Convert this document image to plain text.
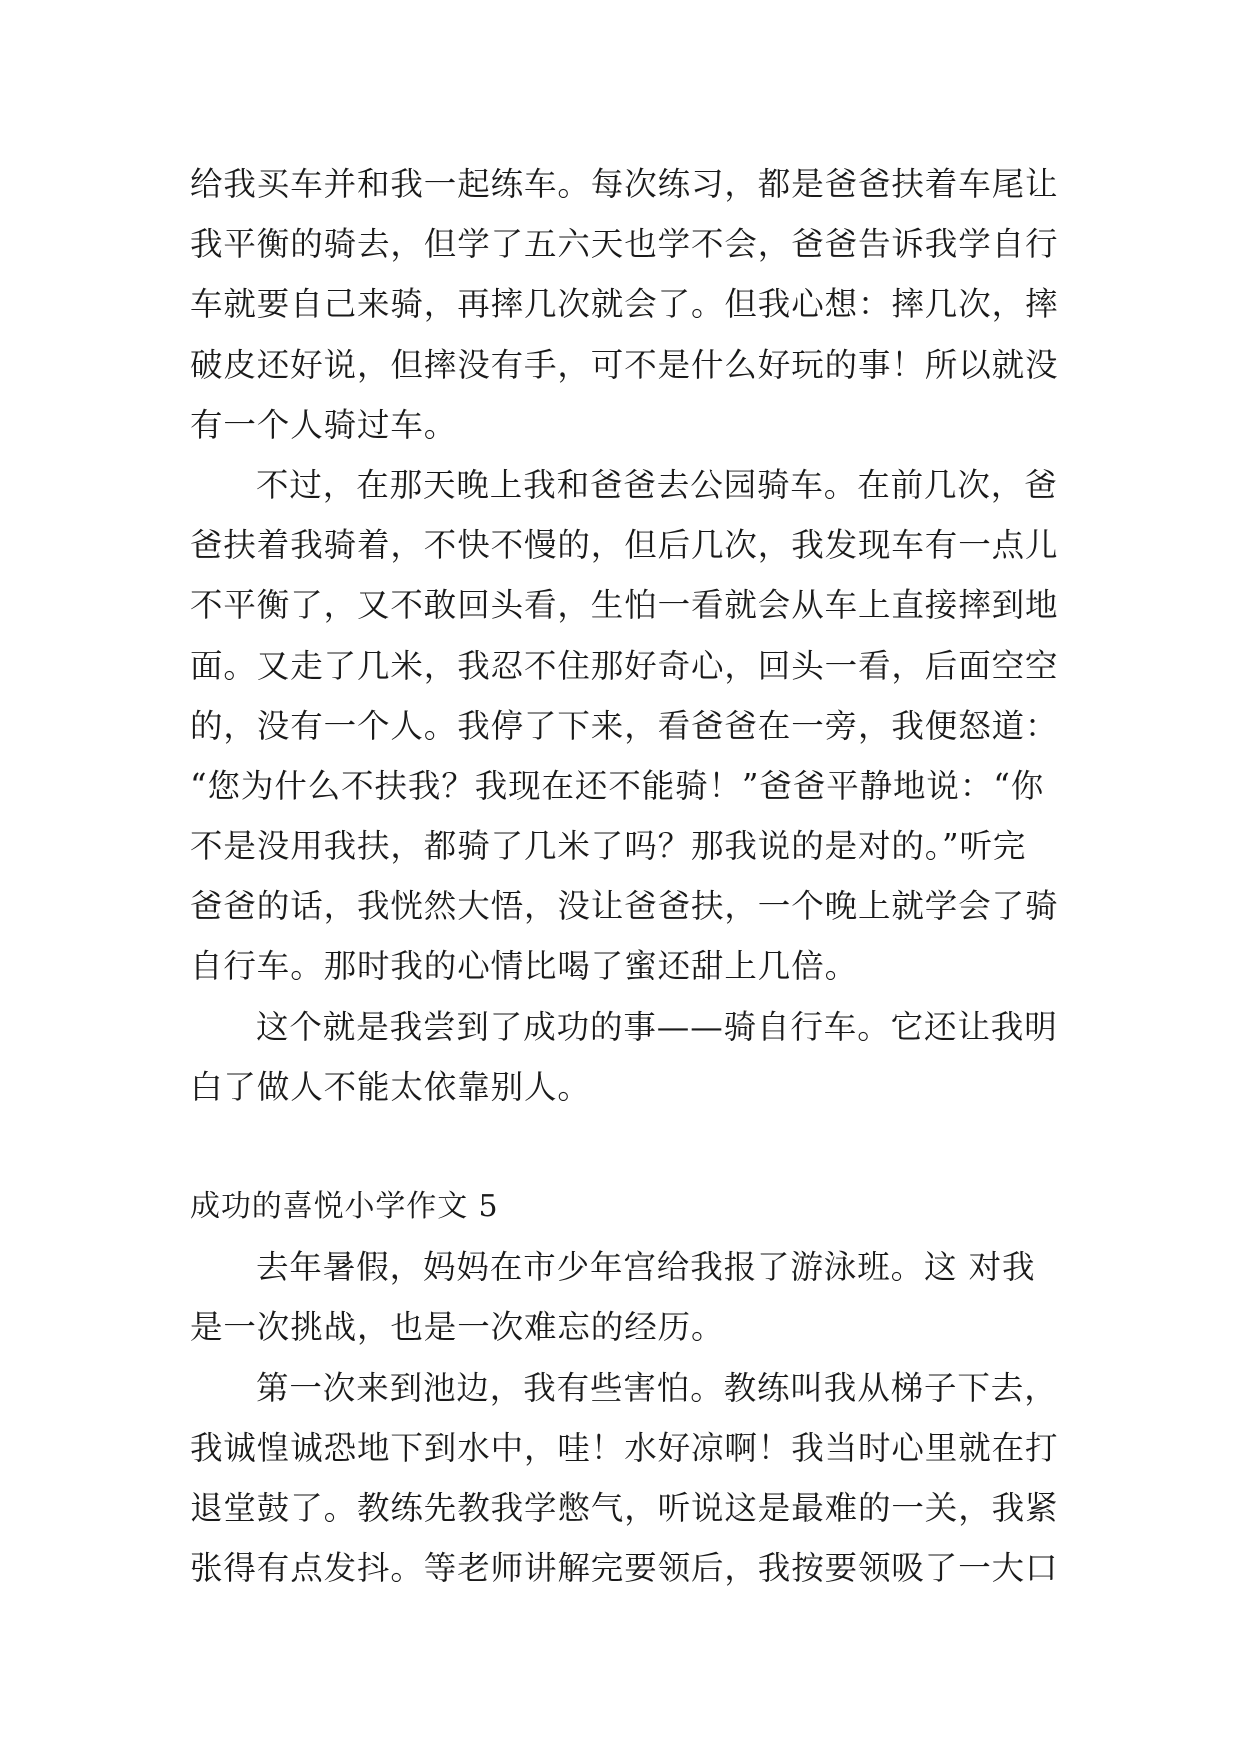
给我买车并和我一起练车。每次练习，都是爸爸扶着车尾让
我平衡的骑去，但学了五六天也学不会，爸爸告诉我学自行
车就要自己来骑，再摔几次就会了。但我心想：摔几次，摔
破皮还好说，但摔没有手，可不是什么好玩的事！所以就没
有一个人骑过车。
不过，在那天晚上我和爸爸去公园骑车。在前几次，爸
爸扶着我骑着，不快不慢的，但后几次，我发现车有一点儿
不平衡了，又不敢回头看，生怕一看就会从车上直接摔到地
面。又走了几米，我忍不住那好奇心，回头一看，后面空空
的，没有一个人。我停了下来，看爸爸在一旁，我便怒道：
“您为什么不扶我？我现在还不能骑！”爸爸平静地说：“你
不是没用我扶，都骑了几米了吗？那我说的是对的。”听完
爸爸的话，我恍然大悟，没让爸爸扶，一个晚上就学会了骑
自行车。那时我的心情比喝了蜜还甜上几倍。
这个就是我尝到了成功的事——骑自行车。它还让我明
白了做人不能太依靠别人。
成功的喜悦小学作文 5
去年暑假，妈妈在市少年宫给我报了游泳班。这 对我
是一次挑战，也是一次难忘的经历。
第一次来到池边，我有些害怕。教练叫我从梯子下去，
我诚惶诚恐地下到水中，哇！水好凉啊！我当时心里就在打
退堂鼓了。教练先教我学憋气，听说这是最难的一关，我紧
张得有点发抖。等老师讲解完要领后，我按要领吸了一大口
